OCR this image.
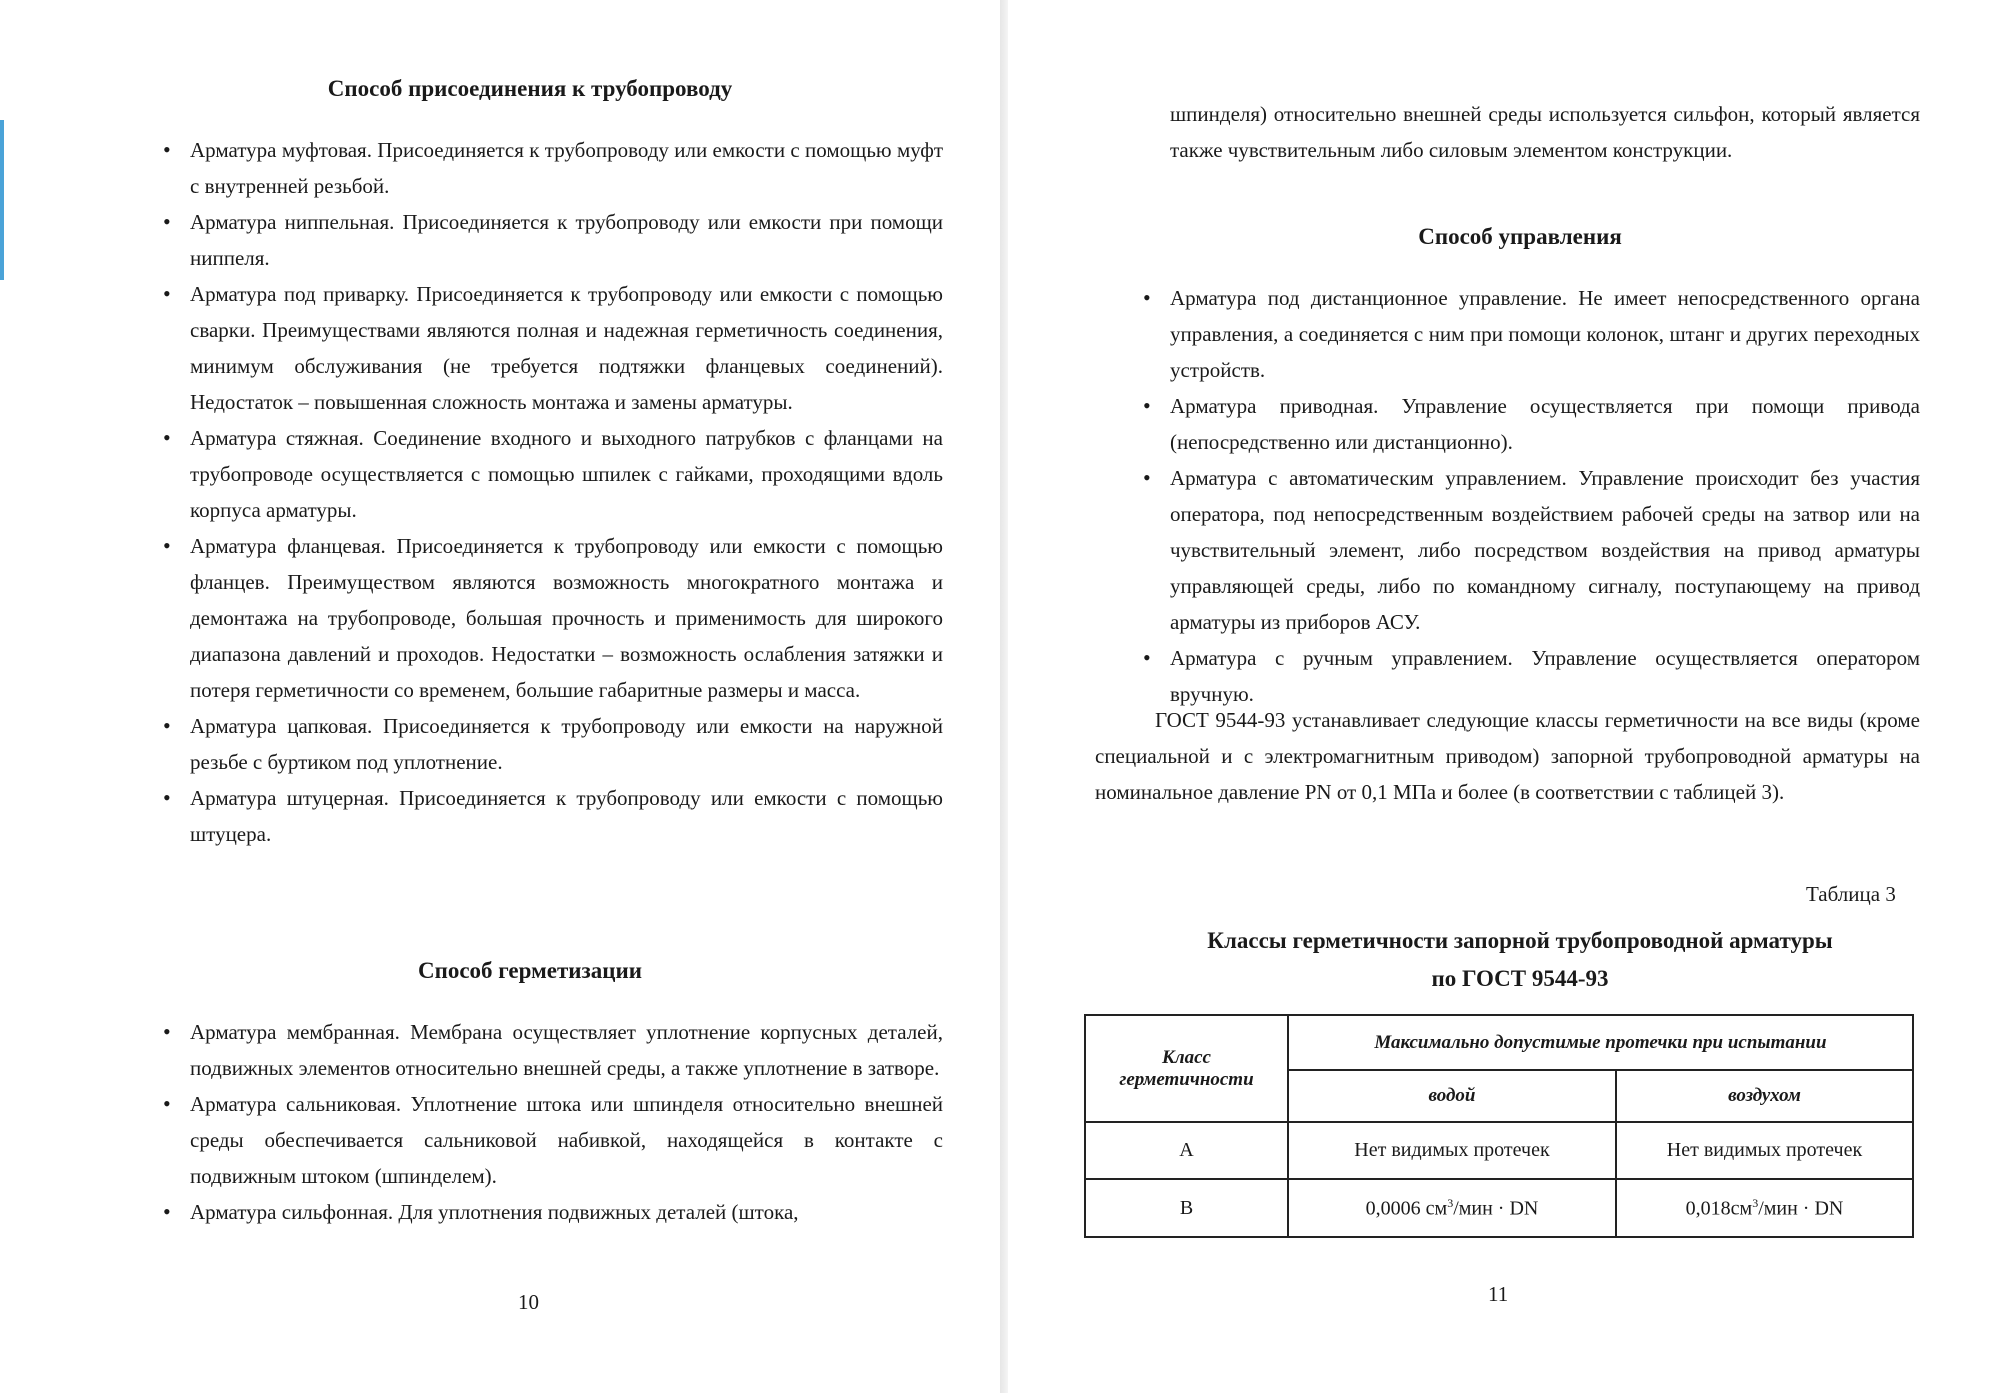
Способ присоединения к трубопроводу
• Арматура муфтовая. Присоединяется к трубопроводу или емкости с помощью муфт с внутренней резьбой.
• Арматура ниппельная. Присоединяется к трубопроводу или емкости при помощи ниппеля.
• Арматура под приварку. Присоединяется к трубопроводу или емкости с помощью сварки. Преимуществами являются полная и надежная герметичность соединения, минимум обслуживания (не требуется подтяжки фланцевых соединений). Недостаток – повышенная сложность монтажа и замены арматуры.
• Арматура стяжная. Соединение входного и выходного патрубков с фланцами на трубопроводе осуществляется с помощью шпилек с гайками, проходящими вдоль корпуса арматуры.
• Арматура фланцевая. Присоединяется к трубопроводу или емкости с помощью фланцев. Преимуществом являются возможность многократного монтажа и демонтажа на трубопроводе, большая прочность и применимость для широкого диапазона давлений и проходов. Недостатки – возможность ослабления затяжки и потеря герметичности со временем, большие габаритные размеры и масса.
• Арматура цапковая. Присоединяется к трубопроводу или емкости на наружной резьбе с буртиком под уплотнение.
• Арматура штуцерная. Присоединяется к трубопроводу или емкости с помощью штуцера.
Способ герметизации
• Арматура мембранная. Мембрана осуществляет уплотнение корпусных деталей, подвижных элементов относительно внешней среды, а также уплотнение в затворе.
• Арматура сальниковая. Уплотнение штока или шпинделя относительно внешней среды обеспечивается сальниковой набивкой, находящейся в контакте с подвижным штоком (шпинделем).
• Арматура сильфонная. Для уплотнения подвижных деталей (штока,
10

шпинделя) относительно внешней среды используется сильфон, который является также чувствительным либо силовым элементом конструкции.

Способ управления
• Арматура под дистанционное управление. Не имеет непосредственного органа управления, а соединяется с ним при помощи колонок, штанг и других переходных устройств.
• Арматура приводная. Управление осуществляется при помощи привода (непосредственно или дистанционно).
• Арматура с автоматическим управлением. Управление происходит без участия оператора, под непосредственным воздействием рабочей среды на затвор или на чувствительный элемент, либо посредством воздействия на привод арматуры управляющей среды, либо по командному сигналу, поступающему на привод арматуры из приборов АСУ.
• Арматура с ручным управлением. Управление осуществляется оператором вручную.

ГОСТ 9544-93 устанавливает следующие классы герметичности на все виды (кроме специальной и с электромагнитным приводом) запорной трубопроводной арматуры на номинальное давление PN от 0,1 МПа и более (в соответствии с таблицей 3).

Таблица 3
Классы герметичности запорной трубопроводной арматуры
по ГОСТ 9544-93
Класс герметичности	Максимально допустимые протечки при испытании	
	водой	воздухом
А	Нет видимых протечек	Нет видимых протечек
В	0,0006 $см^3$/мин · DN	$0,018см^3$/мин · DN
11
